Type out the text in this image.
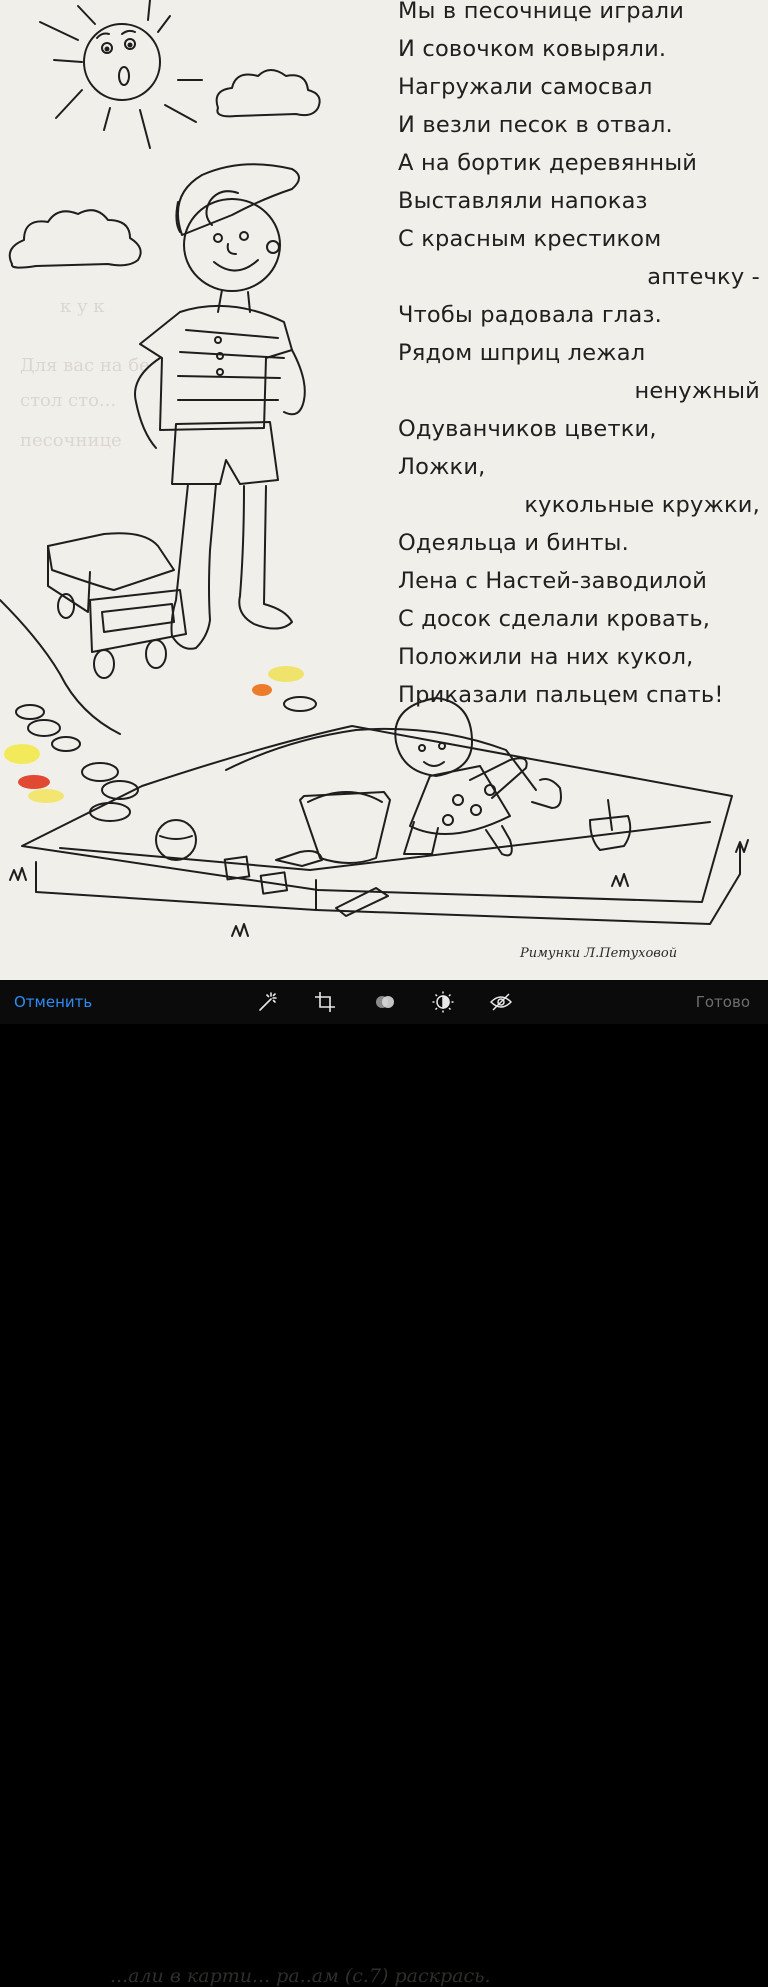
Для вас на бе
стол сто...
песочнице
к у к
Мы в песочнице играли
И совочком ковыряли.
Нагружали самосвал
И везли песок в отвал.
А на бортик деревянный
Выставляли напоказ
С красным крестиком
аптечку -
Чтобы радовала глаз.
Рядом шприц лежал
ненужный
Одуванчиков цветки,
Ложки,
кукольные кружки,
Одеяльца и бинты.
Лена с Настей-заводилой
С досок сделали кровать,
Положили на них кукол,
Приказали пальцем спать!
Римунки Л.Петуховой
...али в карти... ра..ам (с.7) раскрась.
Отменить	Готово
